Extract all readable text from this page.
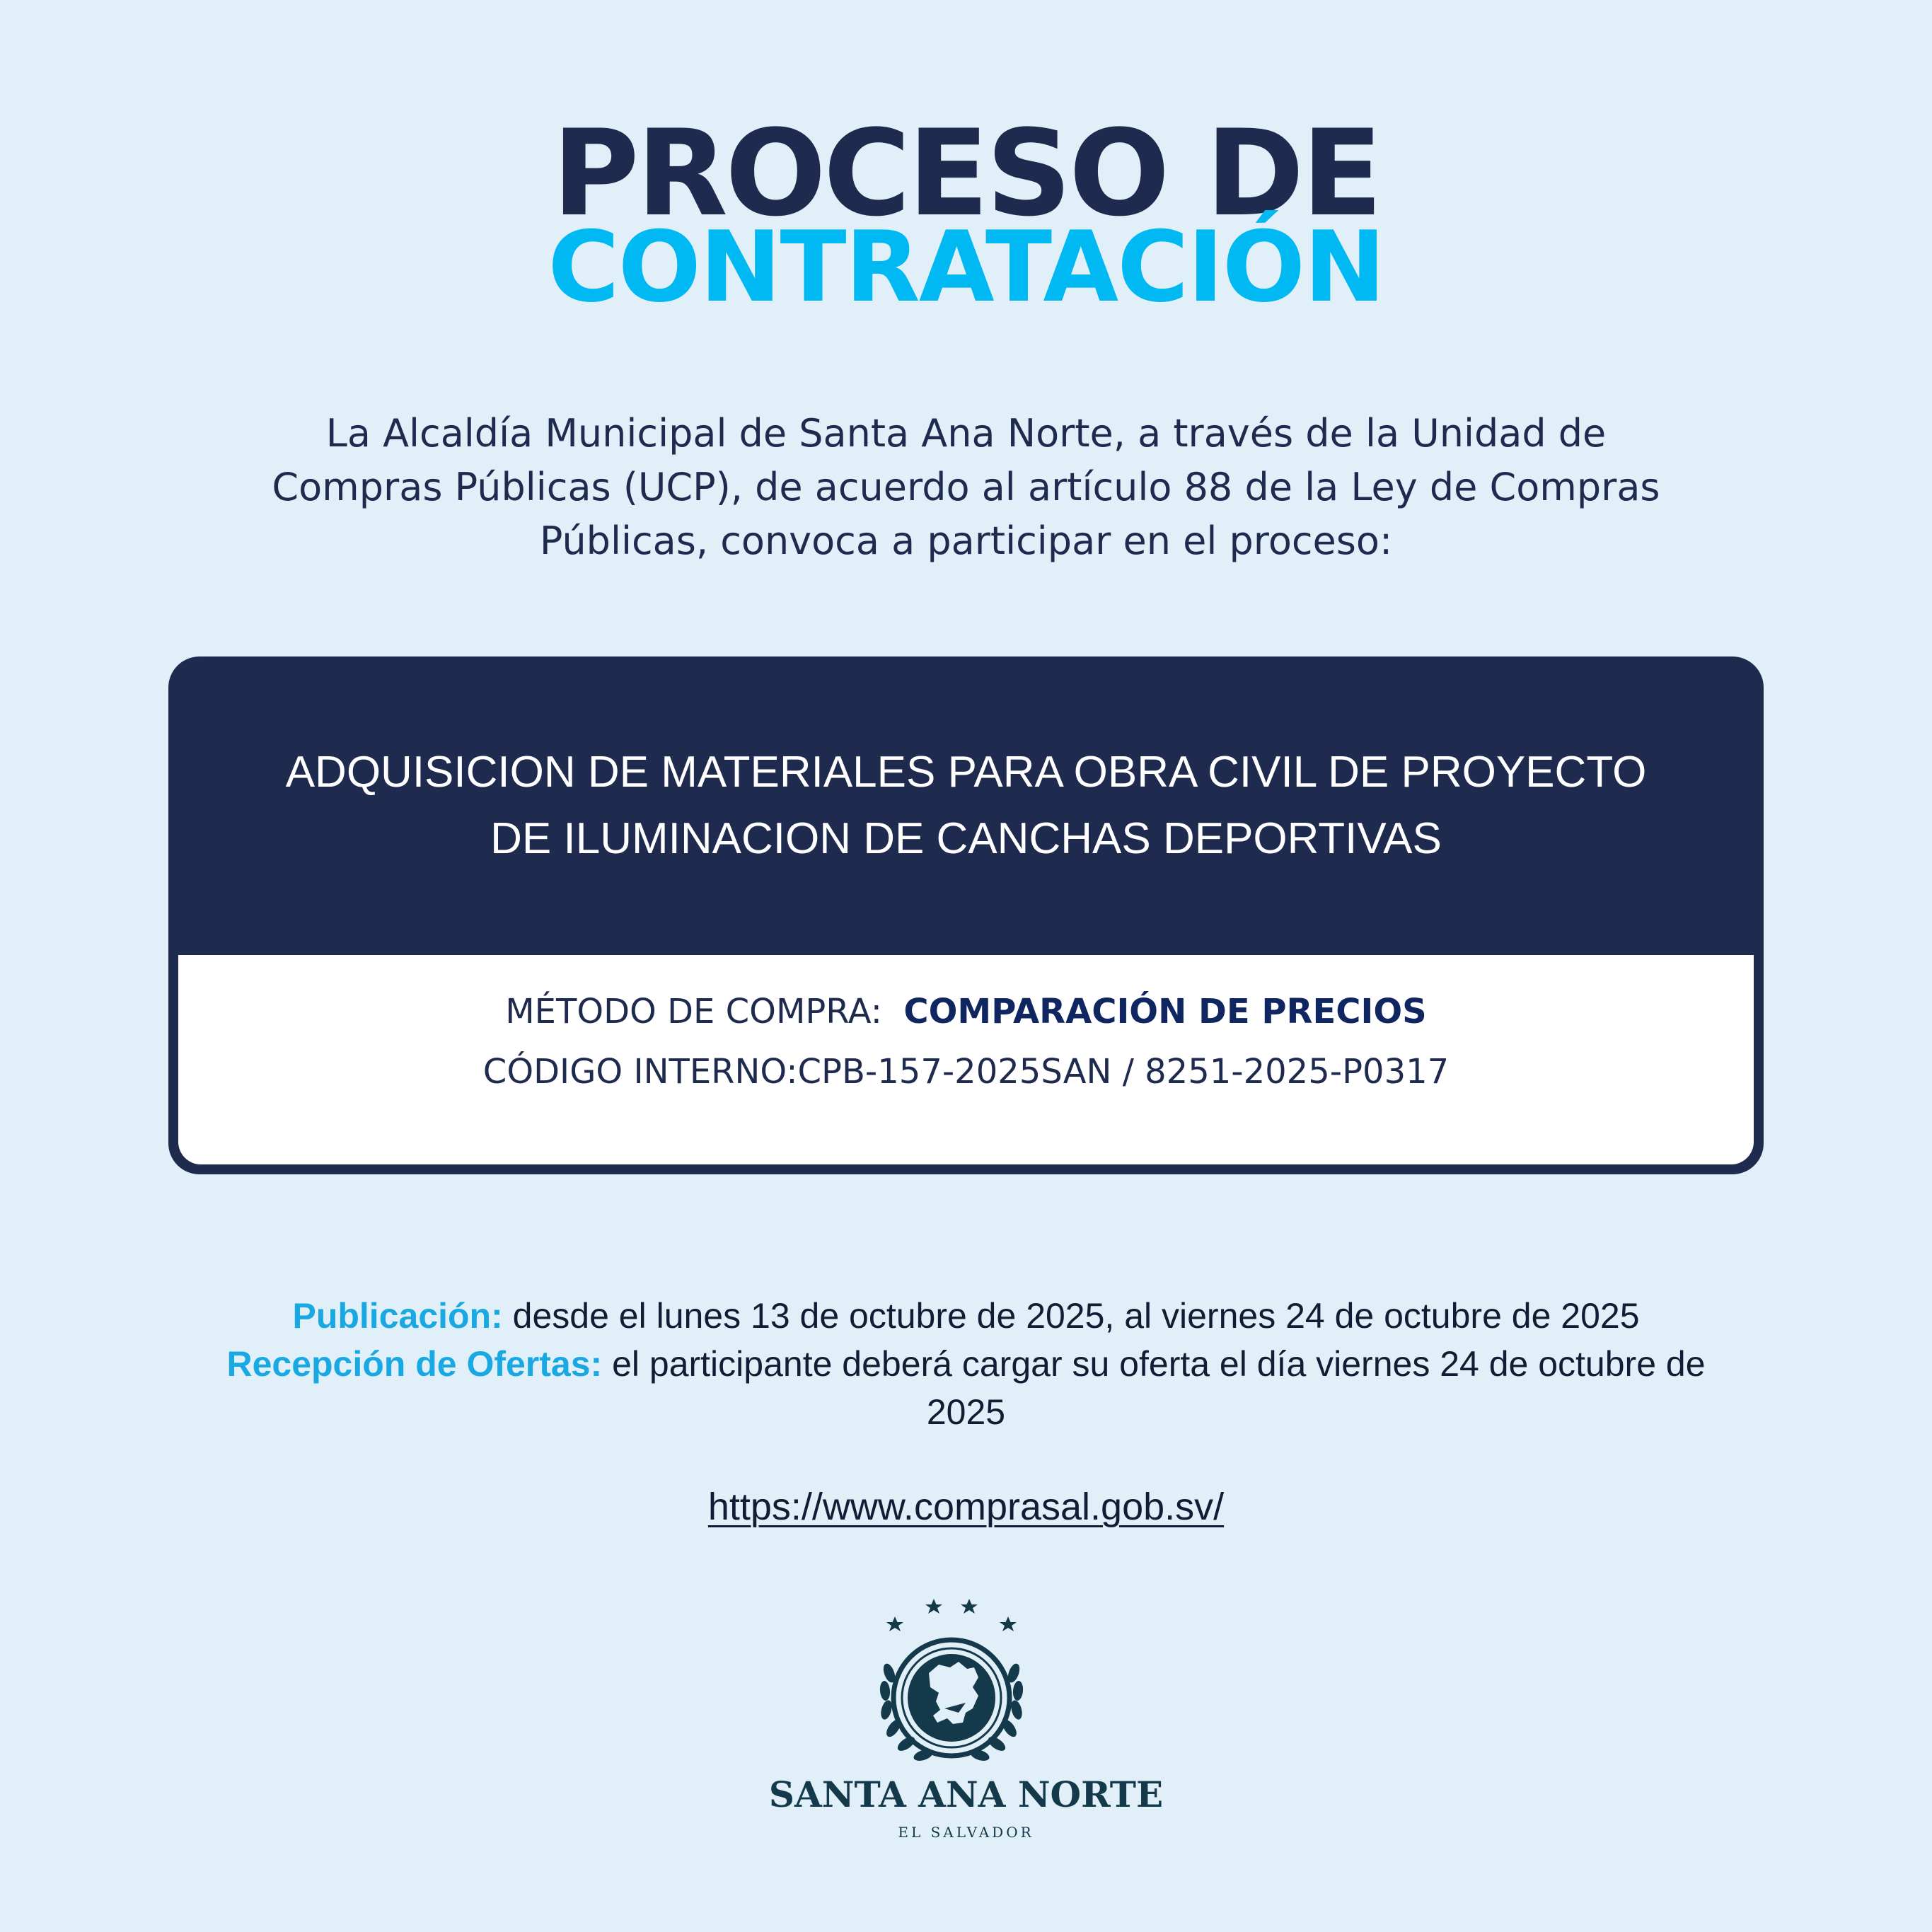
PROCESO DE
CONTRATACIÓN
La Alcaldía Municipal de Santa Ana Norte, a través de la Unidad de Compras Públicas (UCP), de acuerdo al artículo 88 de la Ley de Compras Públicas, convoca a participar en el proceso:
ADQUISICION DE MATERIALES PARA OBRA CIVIL DE PROYECTO DE ILUMINACION DE CANCHAS DEPORTIVAS
MÉTODO DE COMPRA: COMPARACIÓN DE PRECIOS
CÓDIGO INTERNO:CPB-157-2025SAN / 8251-2025-P0317
Publicación: desde el lunes 13 de octubre de 2025, al viernes 24 de octubre de 2025
Recepción de Ofertas: el participante deberá cargar su oferta el día viernes 24 de octubre de 2025
https://www.comprasal.gob.sv/
SANTA ANA NORTE
EL SALVADOR
